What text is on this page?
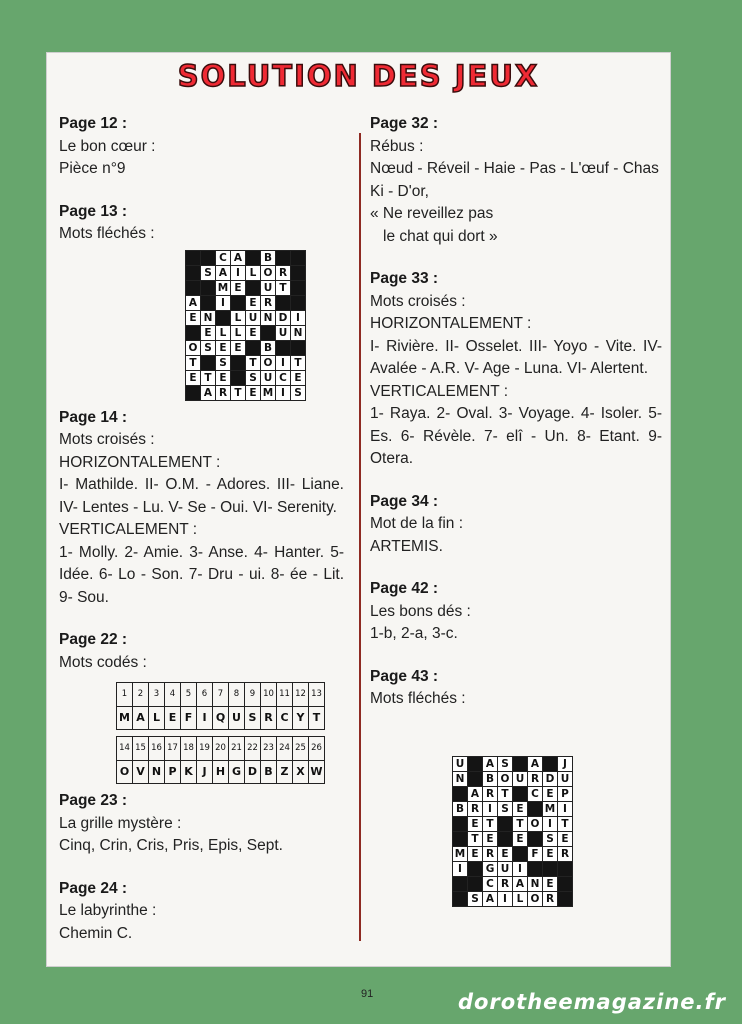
SOLUTION DES JEUX
Page 12 :
Le bon cœur :
Pièce n°9
Page 13 :
Mots fléchés :
		C	A		B		
	S	A	I	L	O	R	
		M	E		U	T	
A		I		E	R		
E	N		L	U	N	D	I
	E	L	L	E		U	N
O	S	E	E		B		
T		S		T	O	I	T
E	T	E		S	U	C	E
	A	R	T	E	M	I	S
Page 14 :
Mots croisés :
HORIZONTALEMENT :
I- Mathilde. II- O.M. - Adores. III- Liane. IV- Lentes - Lu. V- Se - Oui. VI- Serenity.
VERTICALEMENT :
1- Molly. 2- Amie. 3- Anse. 4- Hanter. 5- Idée. 6- Lo - Son. 7- Dru - ui. 8- ée - Lit. 9- Sou.
Page 22 :
Mots codés :
1	2	3	4	5	6	7	8	9	10	11	12	13
M	A	L	E	F	I	Q	U	S	R	C	Y	T

14	15	16	17	18	19	20	21	22	23	24	25	26
O	V	N	P	K	J	H	G	D	B	Z	X	W
Page 23 :
La grille mystère :
Cinq, Crin, Cris, Pris, Epis, Sept.
Page 24 :
Le labyrinthe :
Chemin C.
Page 32 :
Rébus :
Nœud - Réveil - Haie - Pas - L'œuf - Chas Ki - D'or,
« Ne reveillez pas
le chat qui dort »
Page 33 :
Mots croisés :
HORIZONTALEMENT :
I- Rivière. II- Osselet. III- Yoyo - Vite. IV- Avalée - A.R. V- Age - Luna. VI- Alertent.
VERTICALEMENT :
1- Raya. 2- Oval. 3- Voyage. 4- Isoler. 5- Es. 6- Révèle. 7- elî - Un. 8- Etant. 9- Otera.
Page 34 :
Mot de la fin :
ARTEMIS.
Page 42 :
Les bons dés :
1-b, 2-a, 3-c.
Page 43 :
Mots fléchés :
U		A	S		A		J
N		B	O	U	R	D	U
	A	R	T		C	E	P
B	R	I	S	E		M	I
	E	T		T	O	I	T
	T	E		E		S	E
M	E	R	E		F	E	R
I		G	U	I			
		C	R	A	N	E	
	S	A	I	L	O	R	
91	dorotheemagazine.fr
